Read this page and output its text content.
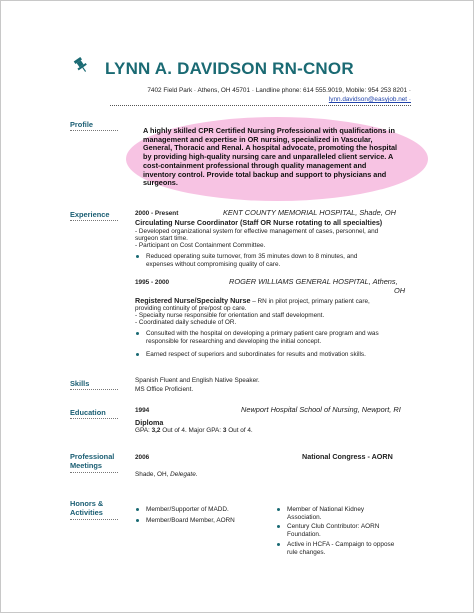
LYNN A. DAVIDSON RN-CNOR
7402 Field Park · Athens, OH 45701 · Landline phone: 614 555.9019, Mobile: 954 253 8201 ·
lynn.davidson@easyjob.net ·
Profile
A highly skilled CPR Certified Nursing Professional with qualifications in
management and expertise in OR nursing, specialized in Vascular,
General, Thoracic and Renal. A hospital advocate, promoting the hospital
by providing high-quality nursing care and unparalleled client service. A
cost-containment professional through quality management and
inventory control. Provide total backup and support to physicians and
surgeons.
Experience	2000 - Present	KENT COUNTY MEMORIAL HOSPITAL, Shade, OH
Circulating Nurse Coordinator (Staff OR Nurse rotating to all specialties)
- Developed organizational system for effective management of cases, personnel, and
surgeon start time.
- Participant on Cost Containment Committee.
Reduced operating suite turnover, from 35 minutes down to 8 minutes, and
expenses without compromising quality of care.
1995 - 2000	ROGER WILLIAMS GENERAL HOSPITAL, Athens,
OH
Registered Nurse/Specialty Nurse – RN in pilot project, primary patient care,
providing continuity of pre/post op care.
- Specialty nurse responsible for orientation and staff development.
- Coordinated daily schedule of OR.
Consulted with the hospital on developing a primary patient care program and was
responsible for researching and developing the initial concept.
Earned respect of superiors and subordinates for results and motivation skills.
Skills	Spanish Fluent and English Native Speaker.
MS Office Proficient.
Education	1994	Newport Hospital School of Nursing, Newport, RI
Diploma
GPA: 3,2 Out of 4. Major GPA: 3 Out of 4.
Professional
Meetings
2006	National Congress - AORN
Shade, OH, Delegate.
Honors &
Activities	Member/Supporter of MADD.
Member/Board Member, AORN
Member of National Kidney
Association.
Century Club Contributor: AORN
Foundation.
Active in HCFA - Campaign to oppose
rule changes.
